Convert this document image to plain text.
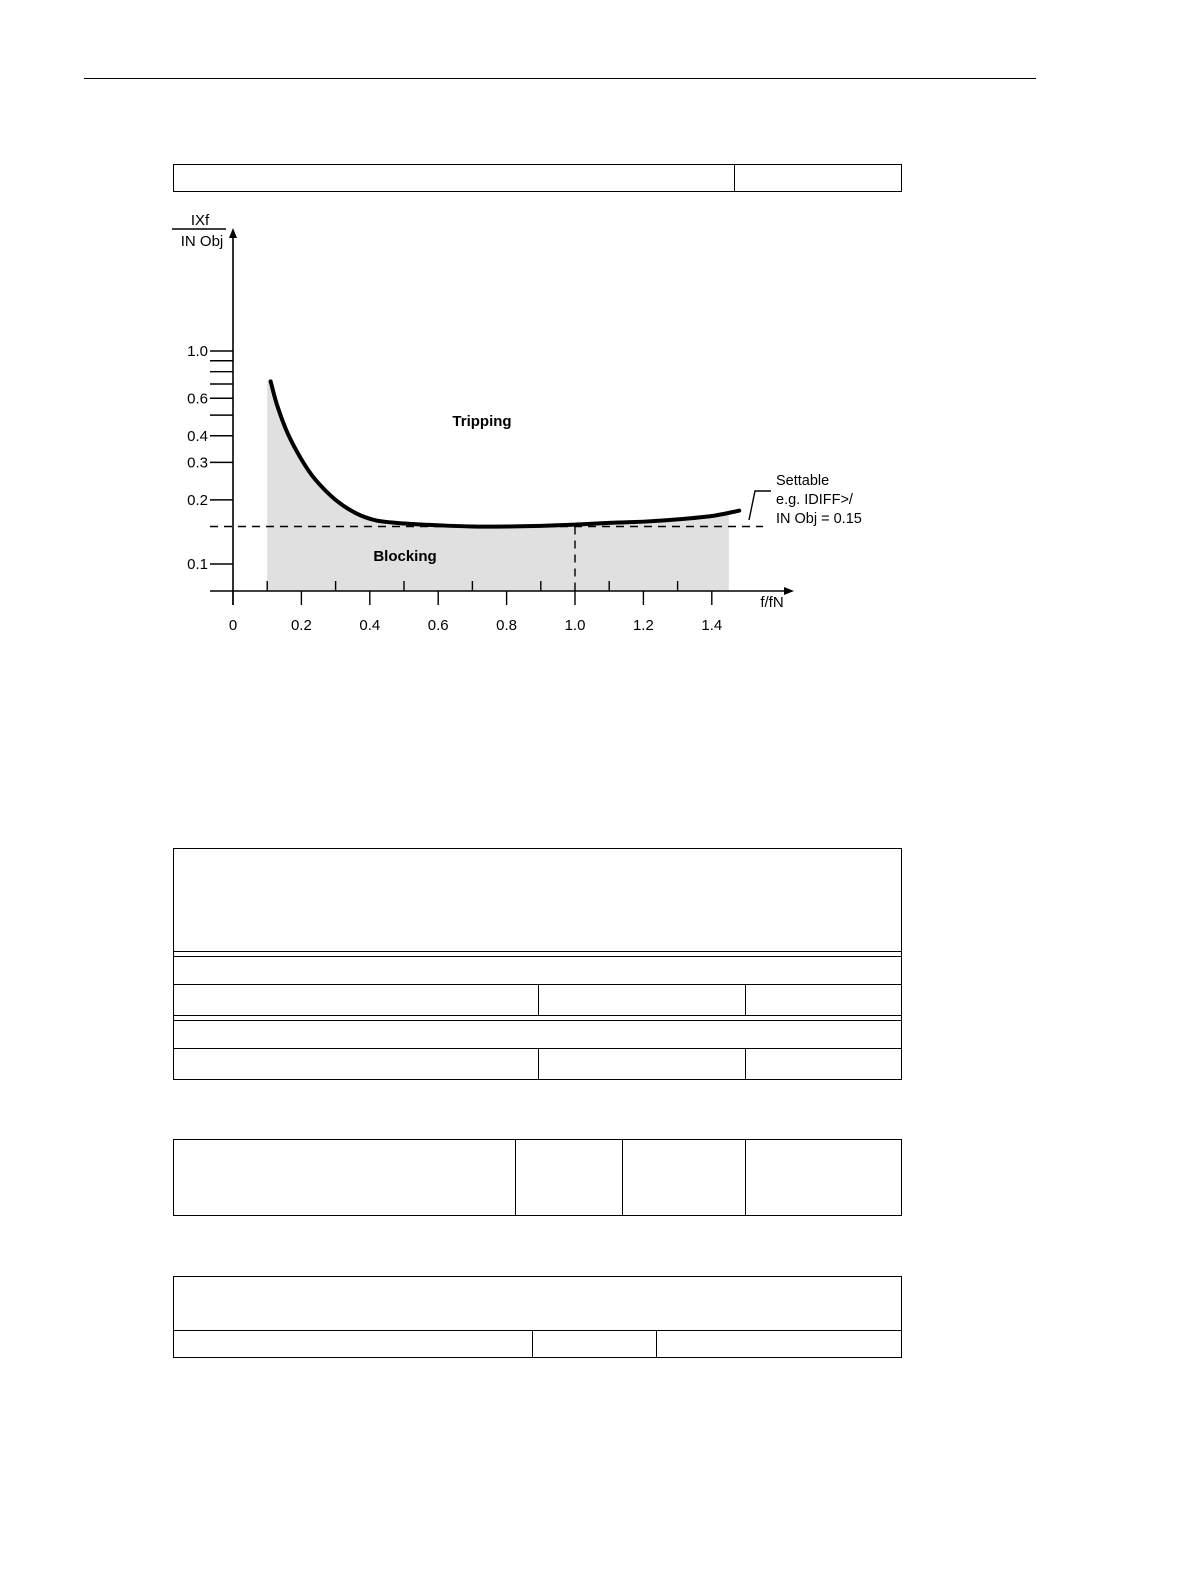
0	0.2	0.4	0.6	0.8	1.0	1.2	1.4
0.1
0.2
0.3
0.4
0.6
1.0
IXf
IN Obj
f/fN
Tripping
Blocking
Settable
e.g. IDIFF>/
IN Obj = 0.15
